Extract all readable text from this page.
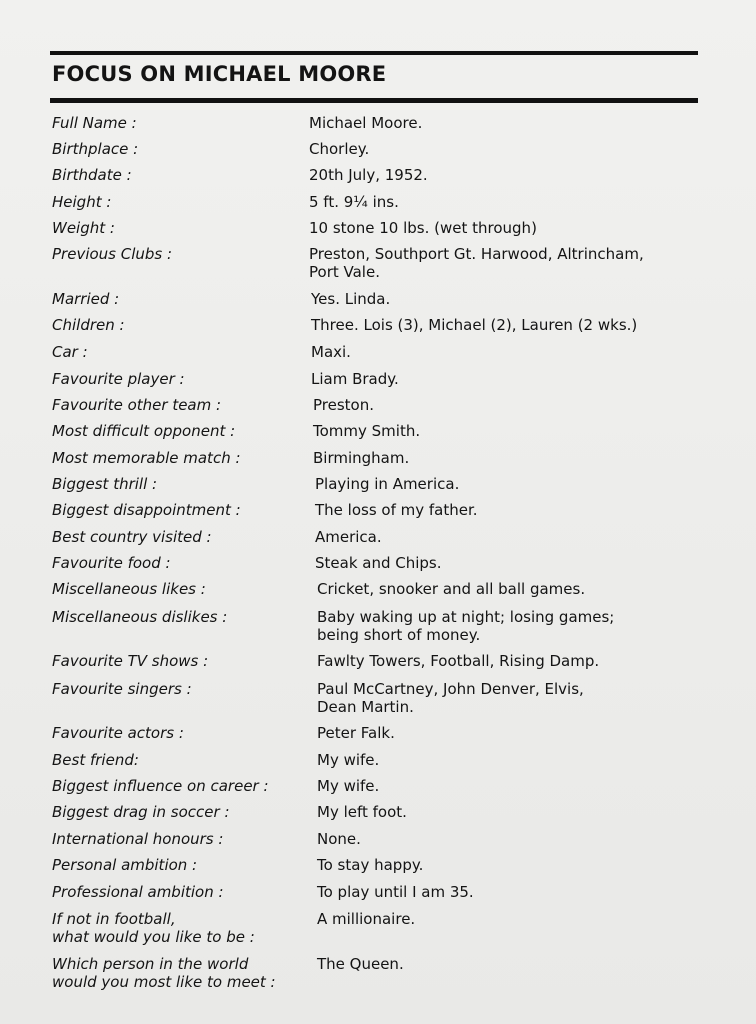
FOCUS ON MICHAEL MOORE
Full Name :	Michael Moore.
Birthplace :	Chorley.
Birthdate :	20th July, 1952.
Height :	5 ft. 9¼ ins.
Weight :	10 stone 10 lbs. (wet through)
Previous Clubs :	Preston, Southport Gt. Harwood, Altrincham,
Port Vale.
Married :	Yes. Linda.
Children :	Three. Lois (3), Michael (2), Lauren (2 wks.)
Car :	Maxi.
Favourite player :	Liam Brady.
Favourite other team :	Preston.
Most difficult opponent :	Tommy Smith.
Most memorable match :	Birmingham.
Biggest thrill :	Playing in America.
Biggest disappointment :	The loss of my father.
Best country visited :	America.
Favourite food :	Steak and Chips.
Miscellaneous likes :	Cricket, snooker and all ball games.
Miscellaneous dislikes :	Baby waking up at night; losing games;
being short of money.
Favourite TV shows :	Fawlty Towers, Football, Rising Damp.
Favourite singers :	Paul McCartney, John Denver, Elvis,
Dean Martin.
Favourite actors :	Peter Falk.
Best friend:	My wife.
Biggest influence on career :	My wife.
Biggest drag in soccer :	My left foot.
International honours :	None.
Personal ambition :	To stay happy.
Professional ambition :	To play until I am 35.
If not in football,
what would you like to be :
A millionaire.
Which person in the world
would you most like to meet :
The Queen.
